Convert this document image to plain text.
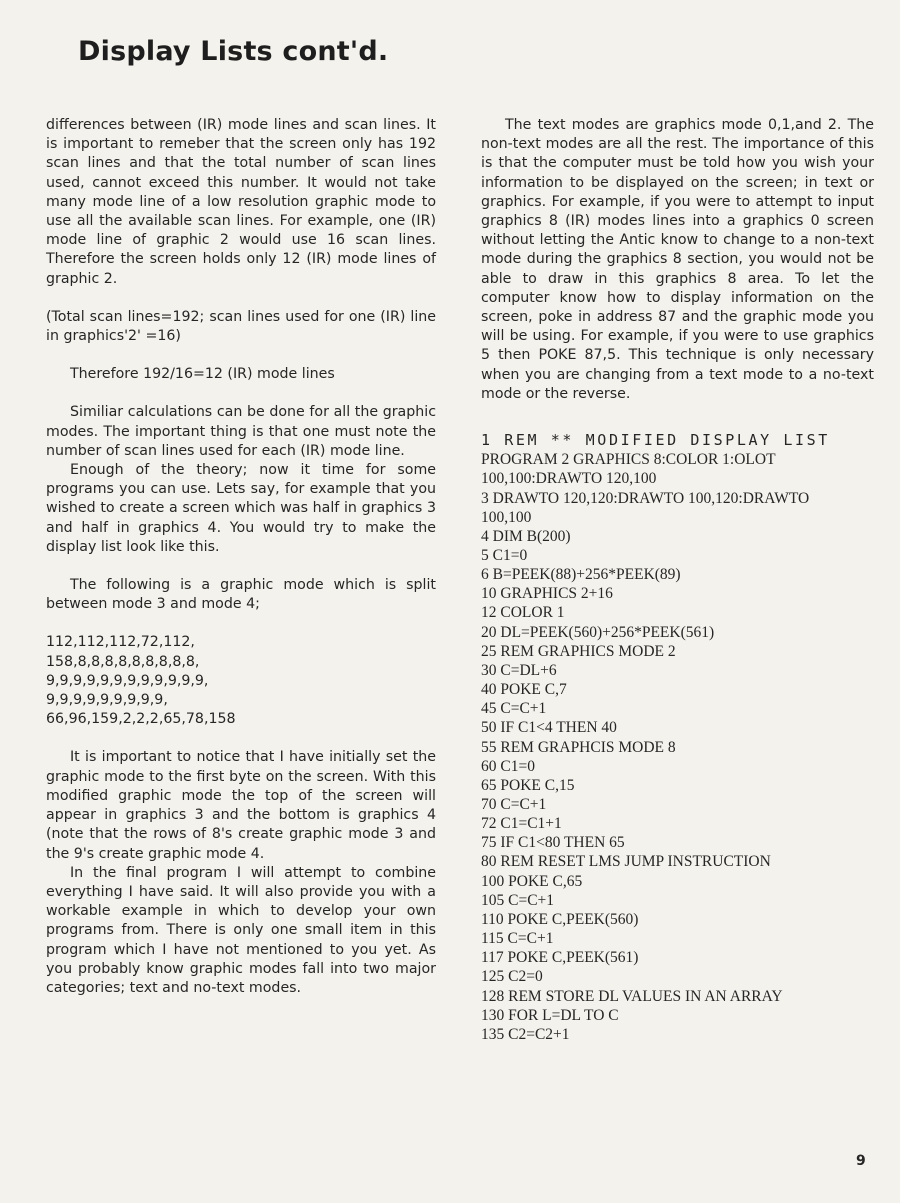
Display Lists cont'd.

differences between (IR) mode lines and scan lines. It is important to remeber that the screen only has 192 scan lines and that the total number of scan lines used, cannot exceed this number. It would not take many mode line of a low resolution graphic mode to use all the available scan lines. For example, one (IR) mode line of graphic 2 would use 16 scan lines. Therefore the screen holds only 12 (IR) mode lines of graphic 2.

(Total scan lines=192; scan lines used for one (IR) line in graphics'2' =16)

Therefore 192/16=12 (IR) mode lines

Similiar calculations can be done for all the graphic modes. The important thing is that one must note the number of scan lines used for each (IR) mode line.

Enough of the theory; now it time for some programs you can use. Lets say, for example that you wished to create a screen which was half in graphics 3 and half in graphics 4. You would try to make the display list look like this.

The following is a graphic mode which is split between mode 3 and mode 4;

112,112,112,72,112,

158,8,8,8,8,8,8,8,8,8,

9,9,9,9,9,9,9,9,9,9,9,9,

9,9,9,9,9,9,9,9,9,

66,96,159,2,2,2,65,78,158

It is important to notice that I have initially set the graphic mode to the first byte on the screen. With this modified graphic mode the top of the screen will appear in graphics 3 and the bottom is graphics 4 (note that the rows of 8's create graphic mode 3 and the 9's create graphic mode 4.

In the final program I will attempt to combine everything I have said. It will also provide you with a workable example in which to develop your own programs from. There is only one small item in this program which I have not mentioned to you yet. As you probably know graphic modes fall into two major categories; text and no-text modes.

The text modes are graphics mode 0,1,and 2. The non-text modes are all the rest. The importance of this is that the computer must be told how you wish your information to be displayed on the screen; in text or graphics. For example, if you were to attempt to input graphics 8 (IR) modes lines into a graphics 0 screen without letting the Antic know to change to a non-text mode during the graphics 8 section, you would not be able to draw in this graphics 8 area. To let the computer know how to display information on the screen, poke in address 87 and the graphic mode you will be using. For example, if you were to use graphics 5 then POKE 87,5. This technique is only necessary when you are changing from a text mode to a no-text mode or the reverse.

1 REM ** MODIFIED DISPLAY LIST
PROGRAM 2 GRAPHICS 8:COLOR 1:OLOT
100,100:DRAWTO 120,100
3 DRAWTO 120,120:DRAWTO 100,120:DRAWTO
100,100
4 DIM B(200)
5 C1=0
6 B=PEEK(88)+256*PEEK(89)
10 GRAPHICS 2+16
12 COLOR 1
20 DL=PEEK(560)+256*PEEK(561)
25 REM GRAPHICS MODE 2
30 C=DL+6
40 POKE C,7
45 C=C+1
50 IF C1<4 THEN 40
55 REM GRAPHCIS MODE 8
60 C1=0
65 POKE C,15
70 C=C+1
72 C1=C1+1
75 IF C1<80 THEN 65
80 REM RESET LMS JUMP INSTRUCTION
100 POKE C,65
105 C=C+1
110 POKE C,PEEK(560)
115 C=C+1
117 POKE C,PEEK(561)
125 C2=0
128 REM STORE DL VALUES IN AN ARRAY
130 FOR L=DL TO C
135 C2=C2+1
9
